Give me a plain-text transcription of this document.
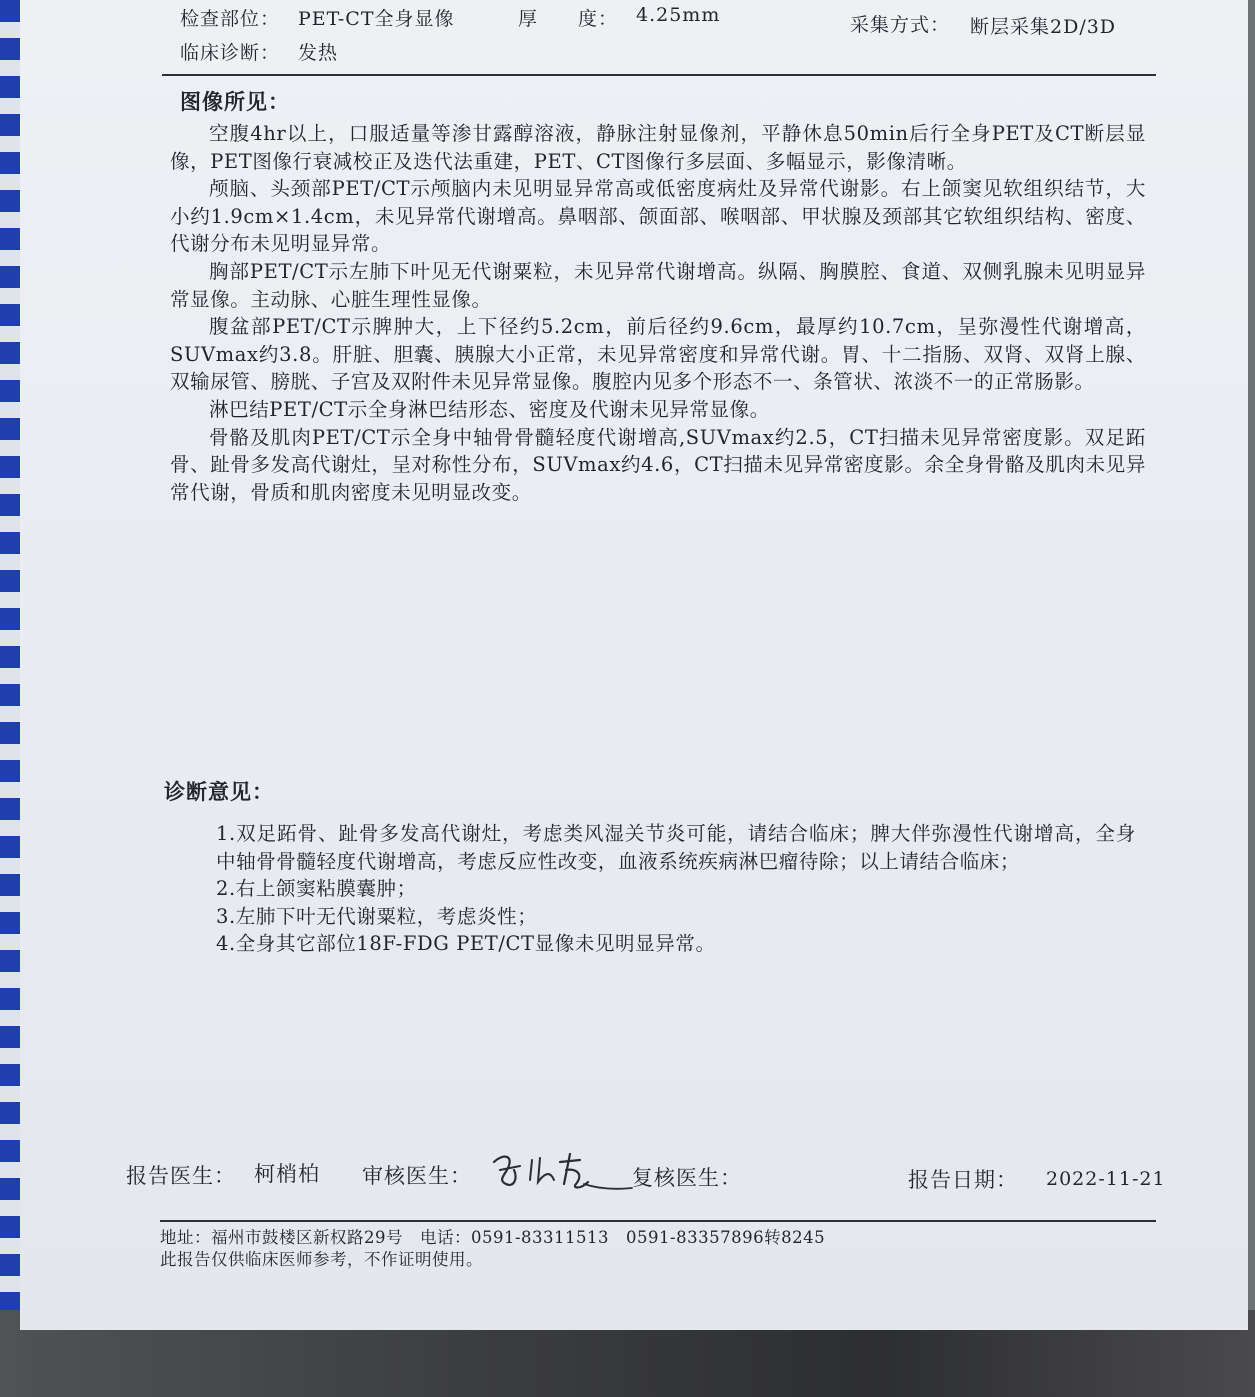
检查部位： PET-CT全身显像	厚　　度： 4.25mm	采集方式： 断层采集2D/3D
临床诊断： 发热
图像所见：

空腹4hr以上，口服适量等渗甘露醇溶液，静脉注射显像剂，平静休息50min后行全身PET及CT断层显像，PET图像行衰减校正及迭代法重建，PET、CT图像行多层面、多幅显示，影像清晰。

颅脑、头颈部PET/CT示颅脑内未见明显异常高或低密度病灶及异常代谢影。右上颌窦见软组织结节，大小约1.9cm×1.4cm，未见异常代谢增高。鼻咽部、颌面部、喉咽部、甲状腺及颈部其它软组织结构、密度、代谢分布未见明显异常。

胸部PET/CT示左肺下叶见无代谢粟粒，未见异常代谢增高。纵隔、胸膜腔、食道、双侧乳腺未见明显异常显像。主动脉、心脏生理性显像。

腹盆部PET/CT示脾肿大，上下径约5.2cm，前后径约9.6cm，最厚约10.7cm，呈弥漫性代谢增高，SUVmax约3.8。肝脏、胆囊、胰腺大小正常，未见异常密度和异常代谢。胃、十二指肠、双肾、双肾上腺、双输尿管、膀胱、子宫及双附件未见异常显像。腹腔内见多个形态不一、条管状、浓淡不一的正常肠影。

淋巴结PET/CT示全身淋巴结形态、密度及代谢未见异常显像。

骨骼及肌肉PET/CT示全身中轴骨骨髓轻度代谢增高,SUVmax约2.5，CT扫描未见异常密度影。双足跖骨、趾骨多发高代谢灶，呈对称性分布，SUVmax约4.6，CT扫描未见异常密度影。余全身骨骼及肌肉未见异常代谢，骨质和肌肉密度未见明显改变。

诊断意见：

1.双足跖骨、趾骨多发高代谢灶，考虑类风湿关节炎可能，请结合临床；脾大伴弥漫性代谢增高，全身中轴骨骨髓轻度代谢增高，考虑反应性改变，血液系统疾病淋巴瘤待除；以上请结合临床；

2.右上颌窦粘膜囊肿；

3.左肺下叶无代谢粟粒，考虑炎性；

4.全身其它部位18F-FDG PET/CT显像未见明显异常。

报告医生： 柯梢柏 审核医生：	复核医生：	报告日期： 2022-11-21
地址：福州市鼓楼区新权路29号　电话：0591-83311513　0591-83357896转8245
此报告仅供临床医师参考，不作证明使用。
